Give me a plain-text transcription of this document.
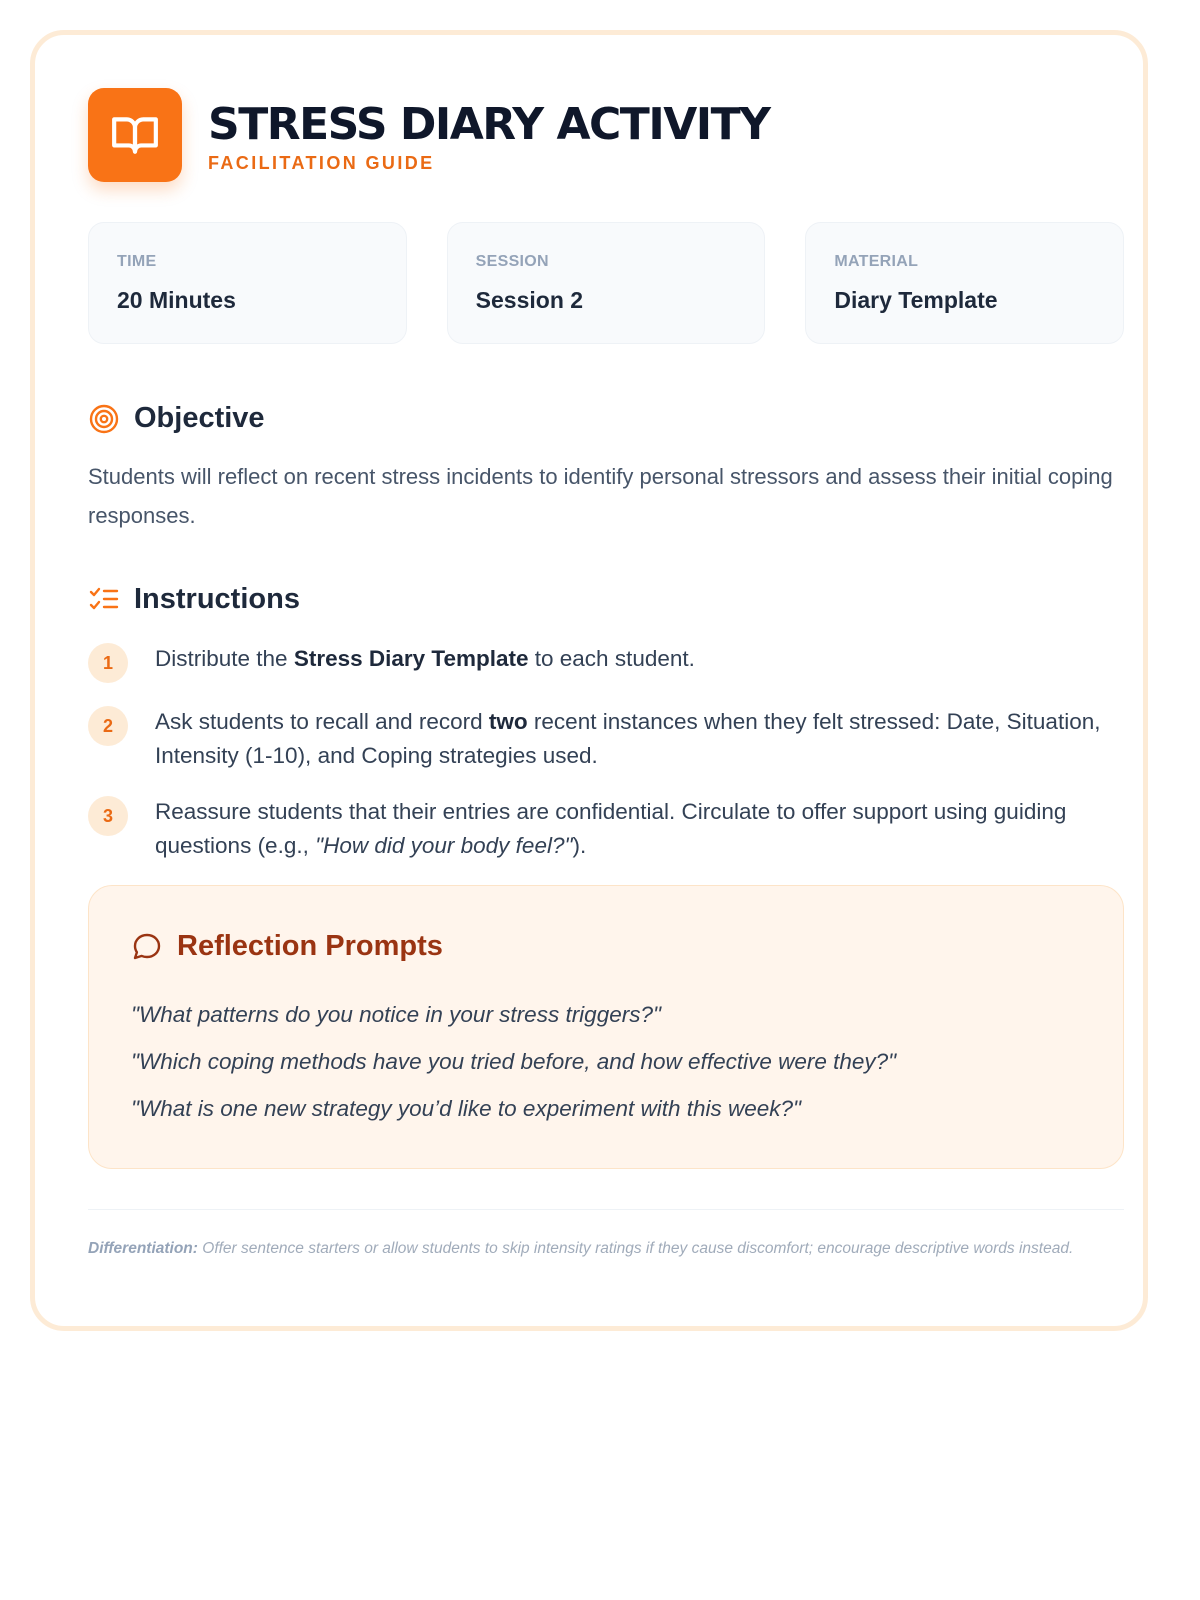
STRESS DIARY ACTIVITY
FACILITATION GUIDE
TIME
20 Minutes
SESSION
Session 2
MATERIAL
Diary Template
Objective
Students will reflect on recent stress incidents to identify personal stressors and assess their initial coping responses.
Instructions
1	Distribute the Stress Diary Template to each student.
2	Ask students to recall and record two recent instances when they felt stressed: Date, Situation, Intensity (1-10), and Coping strategies used.
3	Reassure students that their entries are confidential. Circulate to offer support using guiding questions (e.g., "How did your body feel?").
Reflection Prompts
"What patterns do you notice in your stress triggers?"
"Which coping methods have you tried before, and how effective were they?"
"What is one new strategy you’d like to experiment with this week?"
Differentiation: Offer sentence starters or allow students to skip intensity ratings if they cause discomfort; encourage descriptive words instead.
